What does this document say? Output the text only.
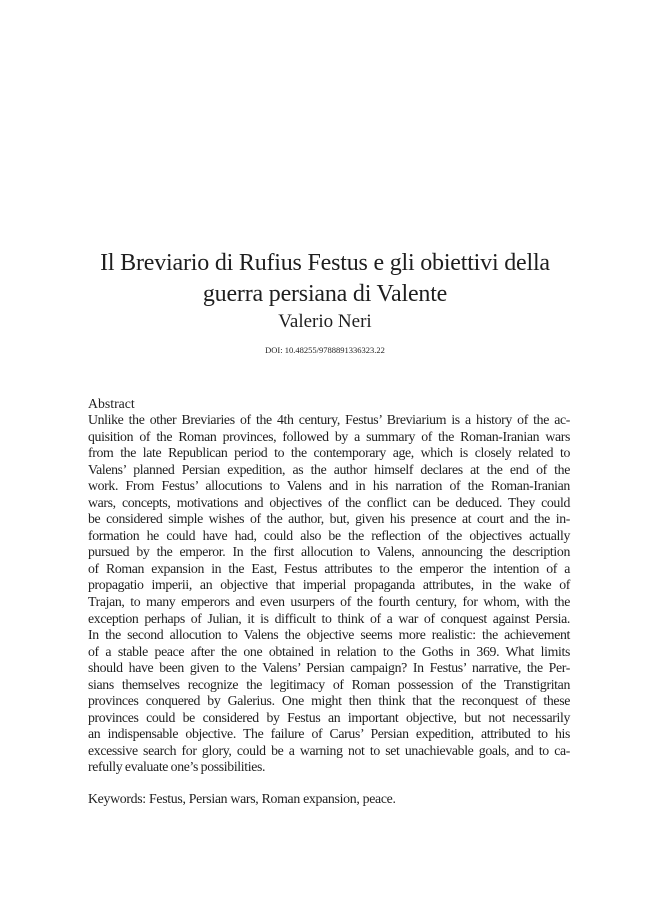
Il Breviario di Rufius Festus e gli obiettivi della
guerra persiana di Valente
Valerio Neri
DOI: 10.48255/9788891336323.22
Abstract
Unlike the other Breviaries of the 4th century, Festus’ Breviarium is a history of the ac-
quisition of the Roman provinces, followed by a summary of the Roman-Iranian wars
from the late Republican period to the contemporary age, which is closely related to
Valens’ planned Persian expedition, as the author himself declares at the end of the
work. From Festus’ allocutions to Valens and in his narration of the Roman-Iranian
wars, concepts, motivations and objectives of the conflict can be deduced. They could
be considered simple wishes of the author, but, given his presence at court and the in-
formation he could have had, could also be the reflection of the objectives actually
pursued by the emperor. In the first allocution to Valens, announcing the description
of Roman expansion in the East, Festus attributes to the emperor the intention of a
propagatio imperii, an objective that imperial propaganda attributes, in the wake of
Trajan, to many emperors and even usurpers of the fourth century, for whom, with the
exception perhaps of Julian, it is difficult to think of a war of conquest against Persia.
In the second allocution to Valens the objective seems more realistic: the achievement
of a stable peace after the one obtained in relation to the Goths in 369. What limits
should have been given to the Valens’ Persian campaign? In Festus’ narrative, the Per-
sians themselves recognize the legitimacy of Roman possession of the Transtigritan
provinces conquered by Galerius. One might then think that the reconquest of these
provinces could be considered by Festus an important objective, but not necessarily
an indispensable objective. The failure of Carus’ Persian expedition, attributed to his
excessive search for glory, could be a warning not to set unachievable goals, and to ca-
refully evaluate one’s possibilities.
Keywords: Festus, Persian wars, Roman expansion, peace.
